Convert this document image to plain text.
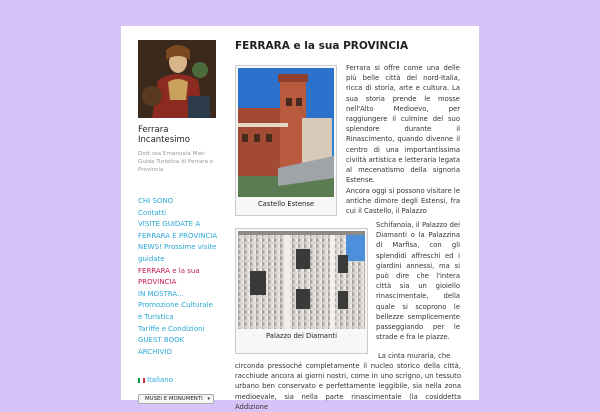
Ferrara Incantesimo
Dott.ssa Emanuela Mari Guida Turistica di Ferrara e Provincia
CHI SONO
Contatti
VISITE GUIDATE A FERRARA E PROVINCIA
NEWS! Prossime visite guidate
FERRARA e la sua PROVINCIA
IN MOSTRA...
Promozione Culturale e Turistica
Tariffe e Condizioni
GUEST BOOK
ARCHIVIO
Italiano
MUSEI E MONUMENTI ▾
FERRARA e la sua PROVINCIA
Castello Estense
Palazzo dei Diamanti

Ferrara si offre come una delle più belle città del nord-Italia, ricca di storia, arte e cultura. La sua storia prende le mosse nell'Alto Medioevo, per raggiungere il culmine del suo splendore durante il Rinascimento, quando divenne il centro di una importantissima civiltà artistica e letteraria legata al mecenatismo della signoria Estense.

Ancora oggi si possono visitare le antiche dimore degli Estensi, fra cui il Castello, il Palazzo

Schifanoia, il Palazzo dei Diamanti o la Palazzina di Marfisa, con gli splendidi affreschi ed i giardini annessi, ma si può dire che l'intera città sia un gioiello rinascimentale, della quale si scoprono le bellezze semplicemente passeggiando per le strade e fra le piazze.

La cinta muraria, che

circonda pressoché completamente il nucleo storico della città, racchiude ancora ai giorni nostri, come in uno scrigno, un tessuto urbano ben conservato e perfettamente leggibile, sia nella zona medioevale, sia nella parte rinascimentale (la cosiddetta Addizione
